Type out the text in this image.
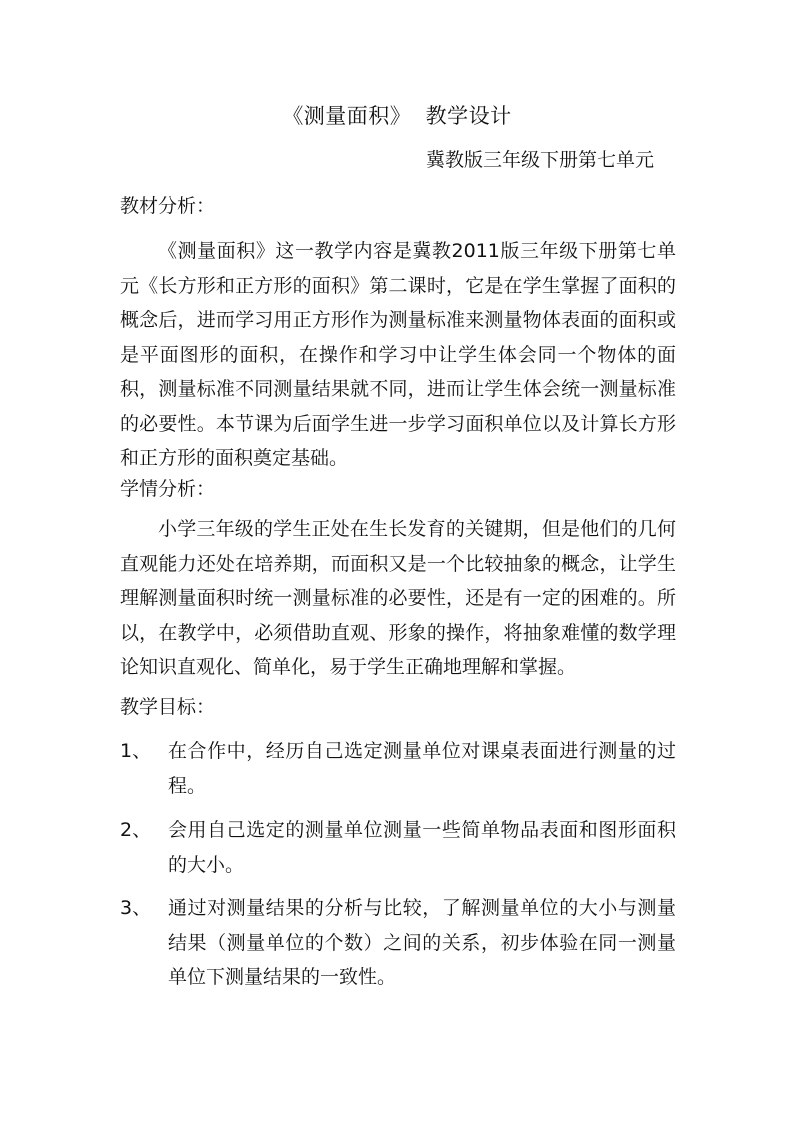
《测量面积》  教学设计
冀教版三年级下册第七单元
教材分析：
《测量面积》这一教学内容是冀教2011版三年级下册第七单元《长方形和正方形的面积》第二课时，它是在学生掌握了面积的概念后，进而学习用正方形作为测量标准来测量物体表面的面积或是平面图形的面积，在操作和学习中让学生体会同一个物体的面积，测量标准不同测量结果就不同，进而让学生体会统一测量标准的必要性。本节课为后面学生进一步学习面积单位以及计算长方形和正方形的面积奠定基础。
学情分析：
小学三年级的学生正处在生长发育的关键期，但是他们的几何直观能力还处在培养期，而面积又是一个比较抽象的概念，让学生理解测量面积时统一测量标准的必要性，还是有一定的困难的。所以，在教学中，必须借助直观、形象的操作，将抽象难懂的数学理论知识直观化、简单化，易于学生正确地理解和掌握。
教学目标：
1、 在合作中，经历自己选定测量单位对课桌表面进行测量的过程。
2、 会用自己选定的测量单位测量一些简单物品表面和图形面积的大小。
3、 通过对测量结果的分析与比较，了解测量单位的大小与测量结果（测量单位的个数）之间的关系，初步体验在同一测量单位下测量结果的一致性。
